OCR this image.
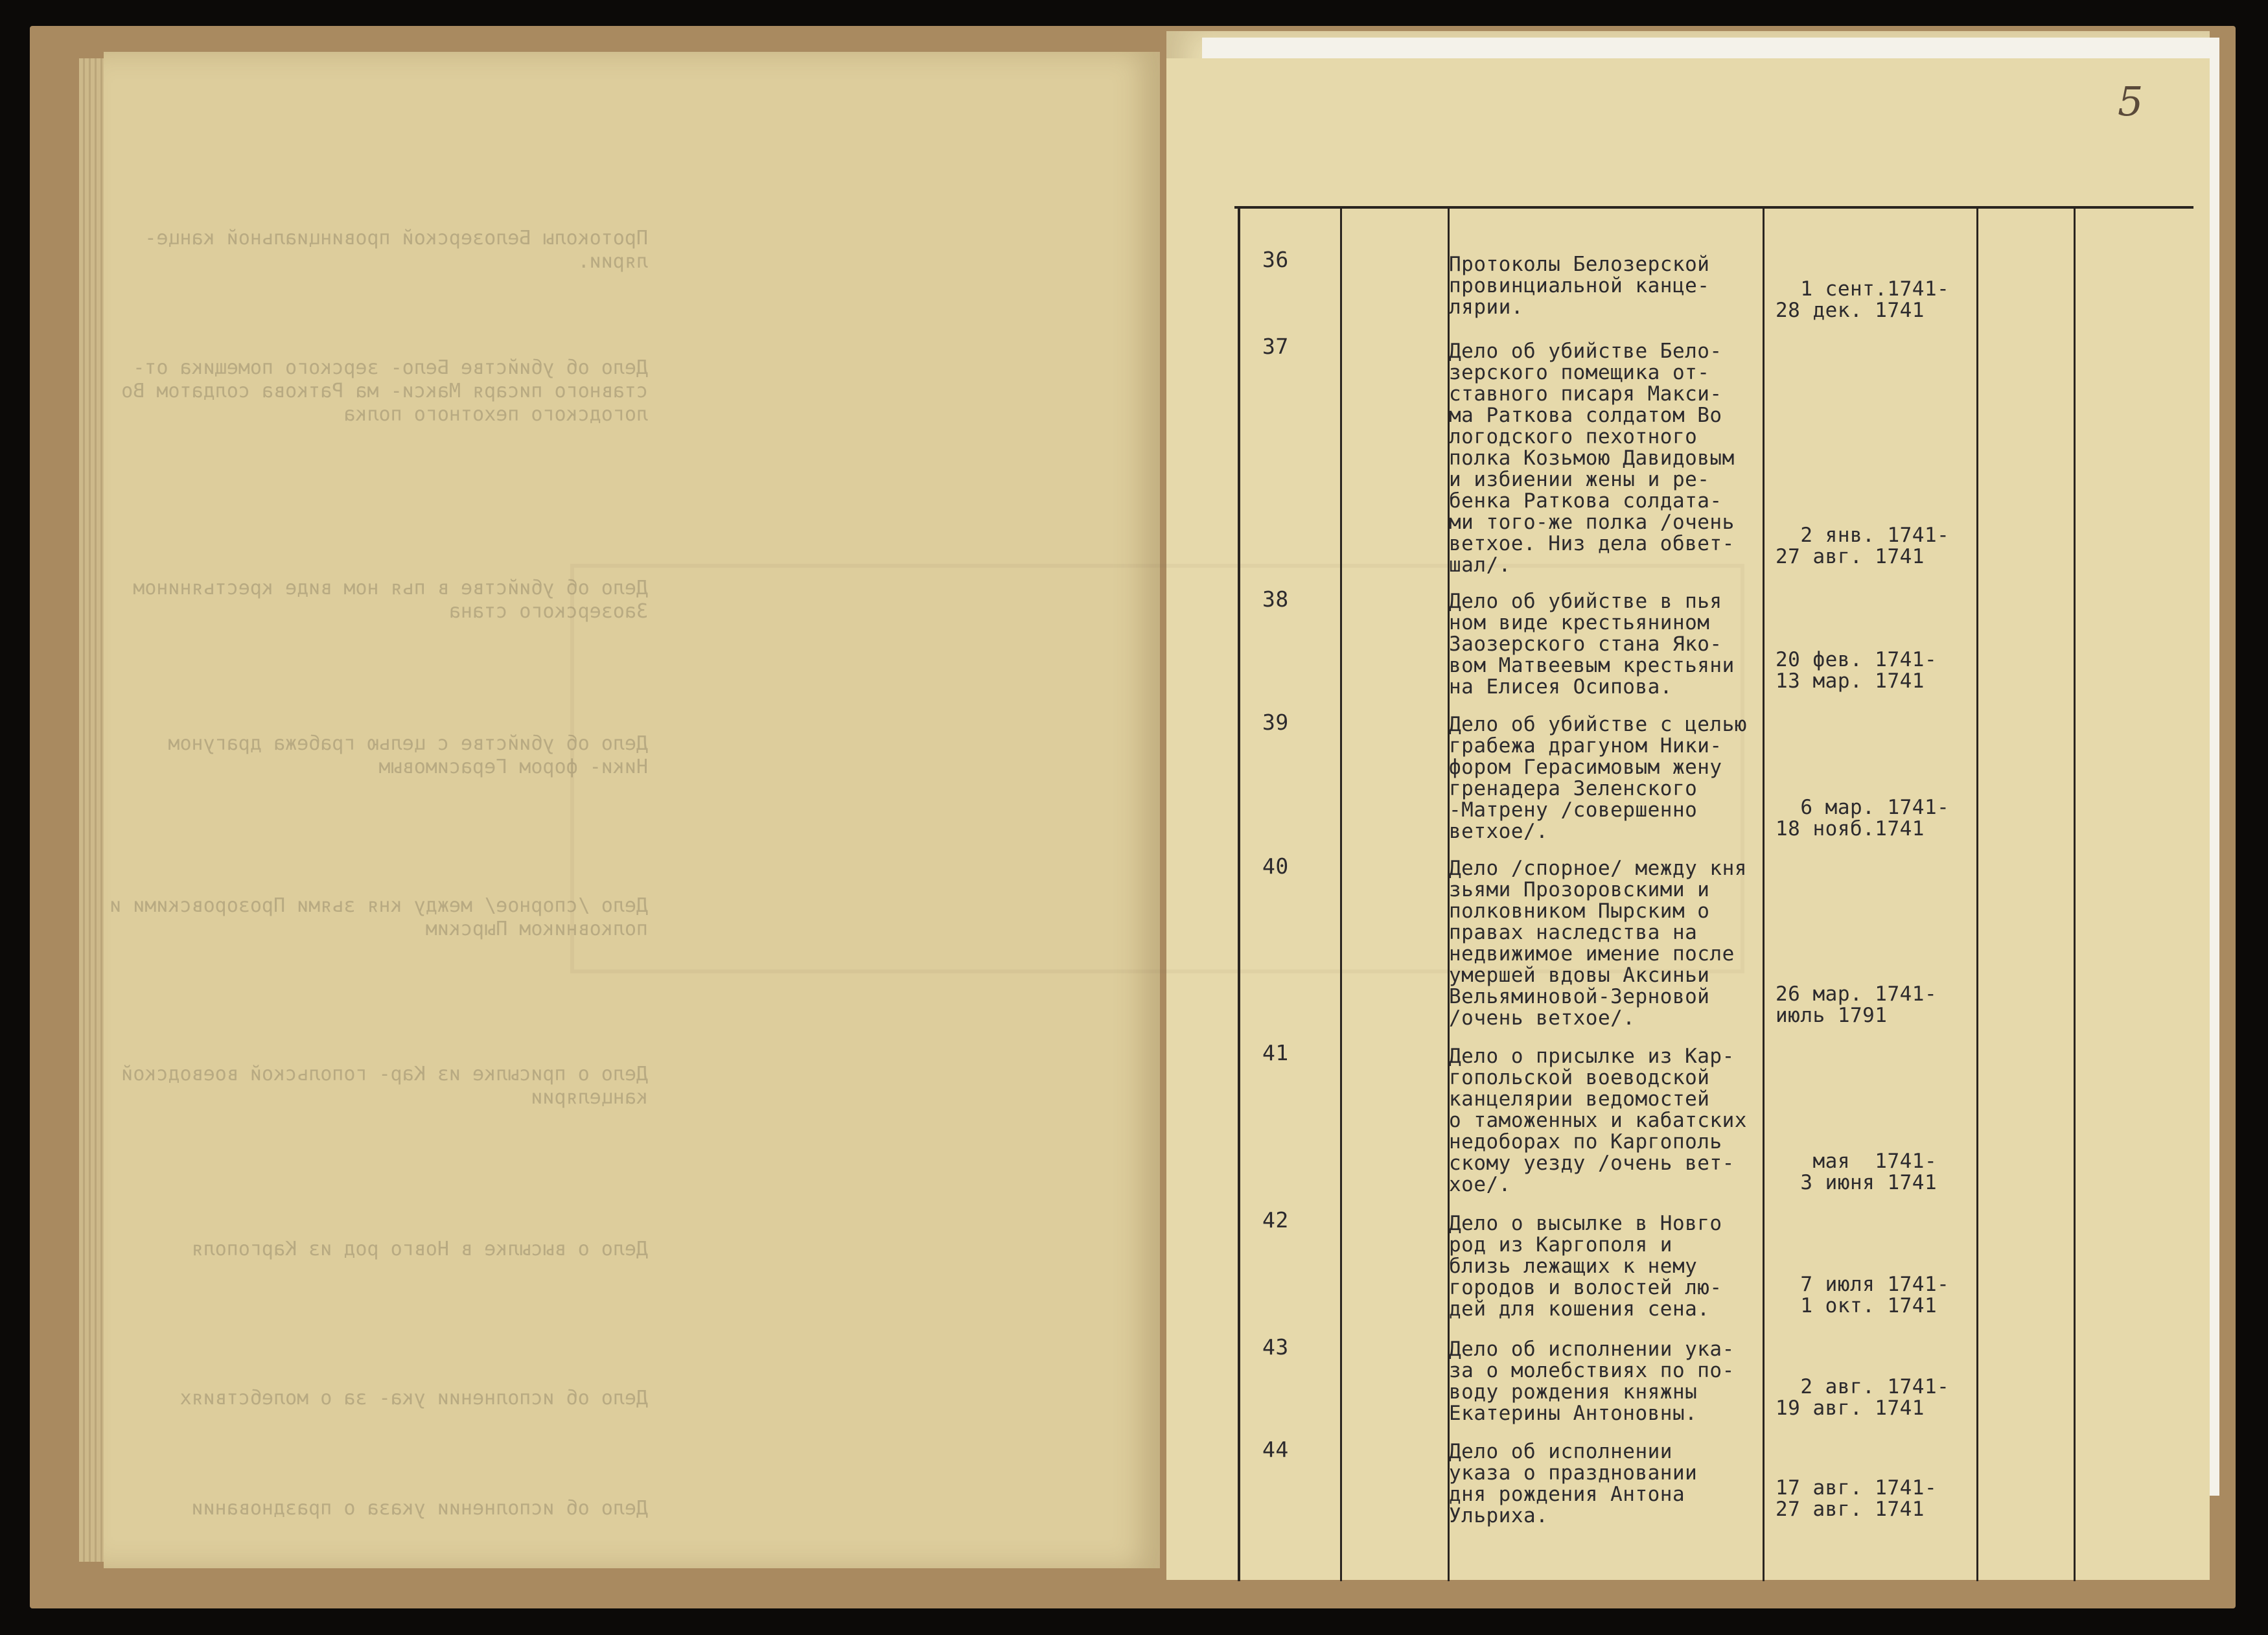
Протоколы Белозерской провинциальной канце- лярии.
Дело об убийстве Бело- зерского помещика от- ставного писаря Макси- ма Раткова солдатом Во логодского пехотного полка
Дело об убийстве в пья ном виде крестьянином Заозерского стана
Дело об убийстве с целью грабежа драгуном Ники- фором Герасимовым
Дело /спорное/ между кня зьями Прозоровскими и полковником Пырским
Дело о присылке из Кар- гопольской воеводской канцелярии
Дело о высылке в Новго род из Каргополя
Дело об исполнении ука- за о молебствиях
Дело об исполнении указа о праздновании
5
36	Протоколы Белозерской
провинциальной канце-
лярии.
1 сент.1741-
28 дек. 1741
37	Дело об убийстве Бело-
зерского помещика от-
ставного писаря Макси-
ма Раткова солдатом Во
логодского пехотного
полка Козьмою Давидовым
и избиении жены и ре-
бенка Раткова солдата-
ми того-же полка /очень
ветхое. Низ дела обвет-
шал/.
2 янв. 1741-
27 авг. 1741
38	Дело об убийстве в пья
ном виде крестьянином
Заозерского стана Яко-
вом Матвеевым крестьяни
на Елисея Осипова.
20 фев. 1741-
13 мар. 1741
39	Дело об убийстве с целью
грабежа драгуном Ники-
фором Герасимовым жену
гренадера Зеленского
-Матрену /совершенно
ветхое/.
6 мар. 1741-
18 нояб.1741
40	Дело /спорное/ между кня
зьями Прозоровскими и
полковником Пырским о
правах наследства на
недвижимое имение после
умершей вдовы Аксиньи
Вельяминовой-Зерновой
/очень ветхое/.
26 мар. 1741-
июль 1791
41	Дело о присылке из Кар-
гопольской воеводской
канцелярии ведомостей
о таможенных и кабатских
недоборах по Каргополь
скому уезду /очень вет-
хое/.
мая  1741-
3 июня 1741
42	Дело о высылке в Новго
род из Каргополя и
близь лежащих к нему
городов и волостей лю-
дей для кошения сена.
7 июля 1741-
1 окт. 1741
43	Дело об исполнении ука-
за о молебствиях по по-
воду рождения княжны
Екатерины Антоновны.
2 авг. 1741-
19 авг. 1741
44	Дело об исполнении
указа о праздновании
дня рождения Антона
Ульриха.
17 авг. 1741-
27 авг. 1741
